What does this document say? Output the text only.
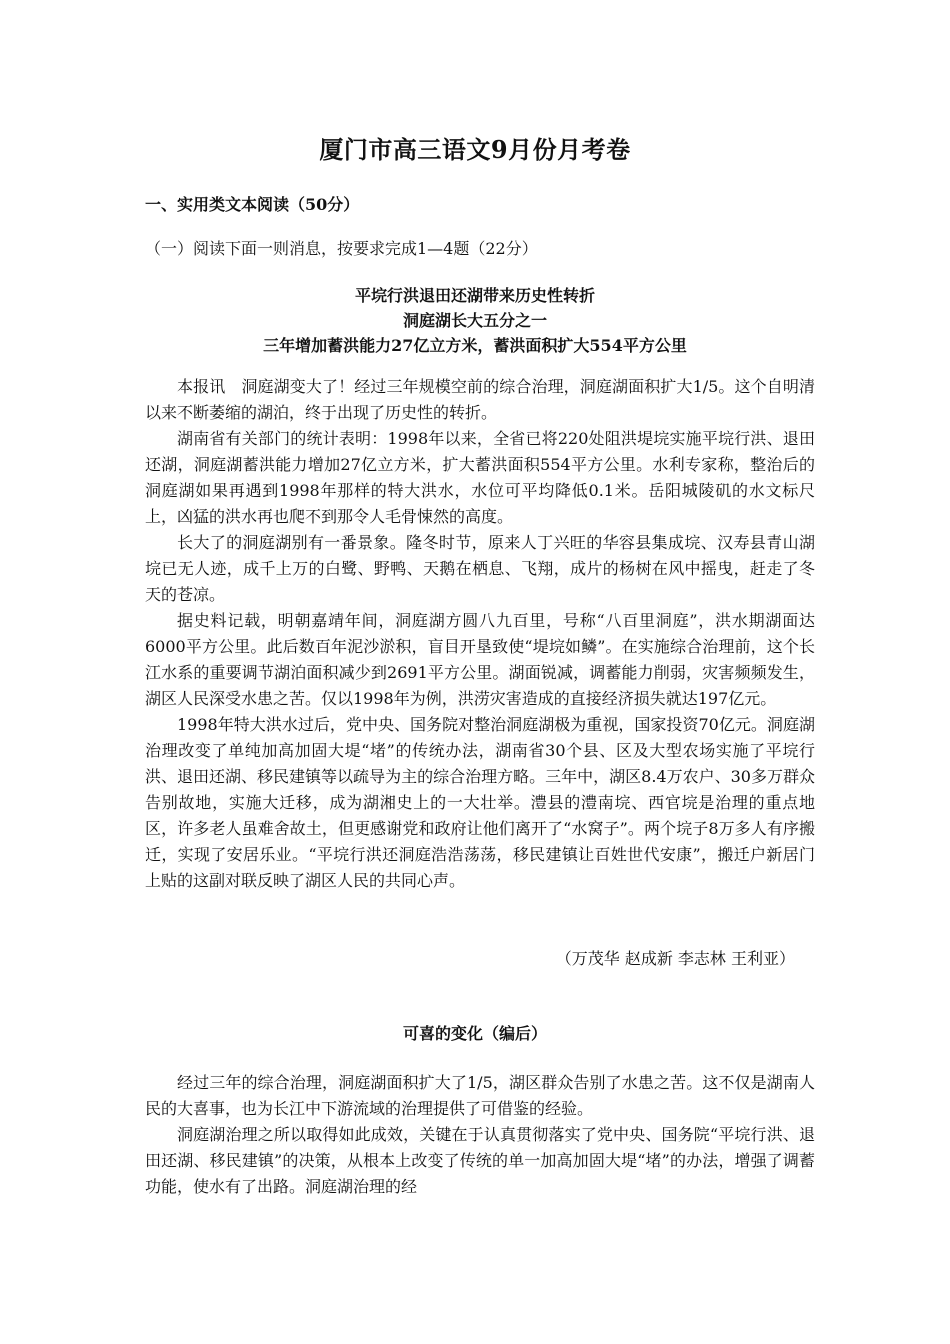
厦门市高三语文9月份月考卷
一、实用类文本阅读（50分）

（一）阅读下面一则消息，按要求完成1—4题（22分）

平垸行洪退田还湖带来历史性转折
洞庭湖长大五分之一
三年增加蓄洪能力27亿立方米，蓄洪面积扩大554平方公里

本报讯　洞庭湖变大了！经过三年规模空前的综合治理，洞庭湖面积扩大1/5。这个自明清以来不断萎缩的湖泊，终于出现了历史性的转折。

湖南省有关部门的统计表明：1998年以来，全省已将220处阻洪堤垸实施平垸行洪、退田还湖，洞庭湖蓄洪能力增加27亿立方米，扩大蓄洪面积554平方公里。水利专家称，整治后的洞庭湖如果再遇到1998年那样的特大洪水，水位可平均降低0.1米。岳阳城陵矶的水文标尺上，凶猛的洪水再也爬不到那令人毛骨悚然的高度。

长大了的洞庭湖别有一番景象。隆冬时节，原来人丁兴旺的华容县集成垸、汉寿县青山湖垸已无人迹，成千上万的白鹭、野鸭、天鹅在栖息、飞翔，成片的杨树在风中摇曳，赶走了冬天的苍凉。

据史料记载，明朝嘉靖年间，洞庭湖方圆八九百里，号称“八百里洞庭”，洪水期湖面达6000平方公里。此后数百年泥沙淤积，盲目开垦致使“堤垸如鳞”。在实施综合治理前，这个长江水系的重要调节湖泊面积减少到2691平方公里。湖面锐减，调蓄能力削弱，灾害频频发生，湖区人民深受水患之苦。仅以1998年为例，洪涝灾害造成的直接经济损失就达197亿元。

1998年特大洪水过后，党中央、国务院对整治洞庭湖极为重视，国家投资70亿元。洞庭湖治理改变了单纯加高加固大堤“堵”的传统办法，湖南省30个县、区及大型农场实施了平垸行洪、退田还湖、移民建镇等以疏导为主的综合治理方略。三年中，湖区8.4万农户、30多万群众告别故地，实施大迁移，成为湖湘史上的一大壮举。澧县的澧南垸、西官垸是治理的重点地区，许多老人虽难舍故土，但更感谢党和政府让他们离开了“水窝子”。两个垸子8万多人有序搬迁，实现了安居乐业。“平垸行洪还洞庭浩浩荡荡，移民建镇让百姓世代安康”，搬迁户新居门上贴的这副对联反映了湖区人民的共同心声。

（万茂华 赵成新 李志林 王利亚）
可喜的变化（编后）

经过三年的综合治理，洞庭湖面积扩大了1/5，湖区群众告别了水患之苦。这不仅是湖南人民的大喜事，也为长江中下游流域的治理提供了可借鉴的经验。

洞庭湖治理之所以取得如此成效，关键在于认真贯彻落实了党中央、国务院“平垸行洪、退田还湖、移民建镇”的决策，从根本上改变了传统的单一加高加固大堤“堵”的办法，增强了调蓄功能，使水有了出路。洞庭湖治理的经
